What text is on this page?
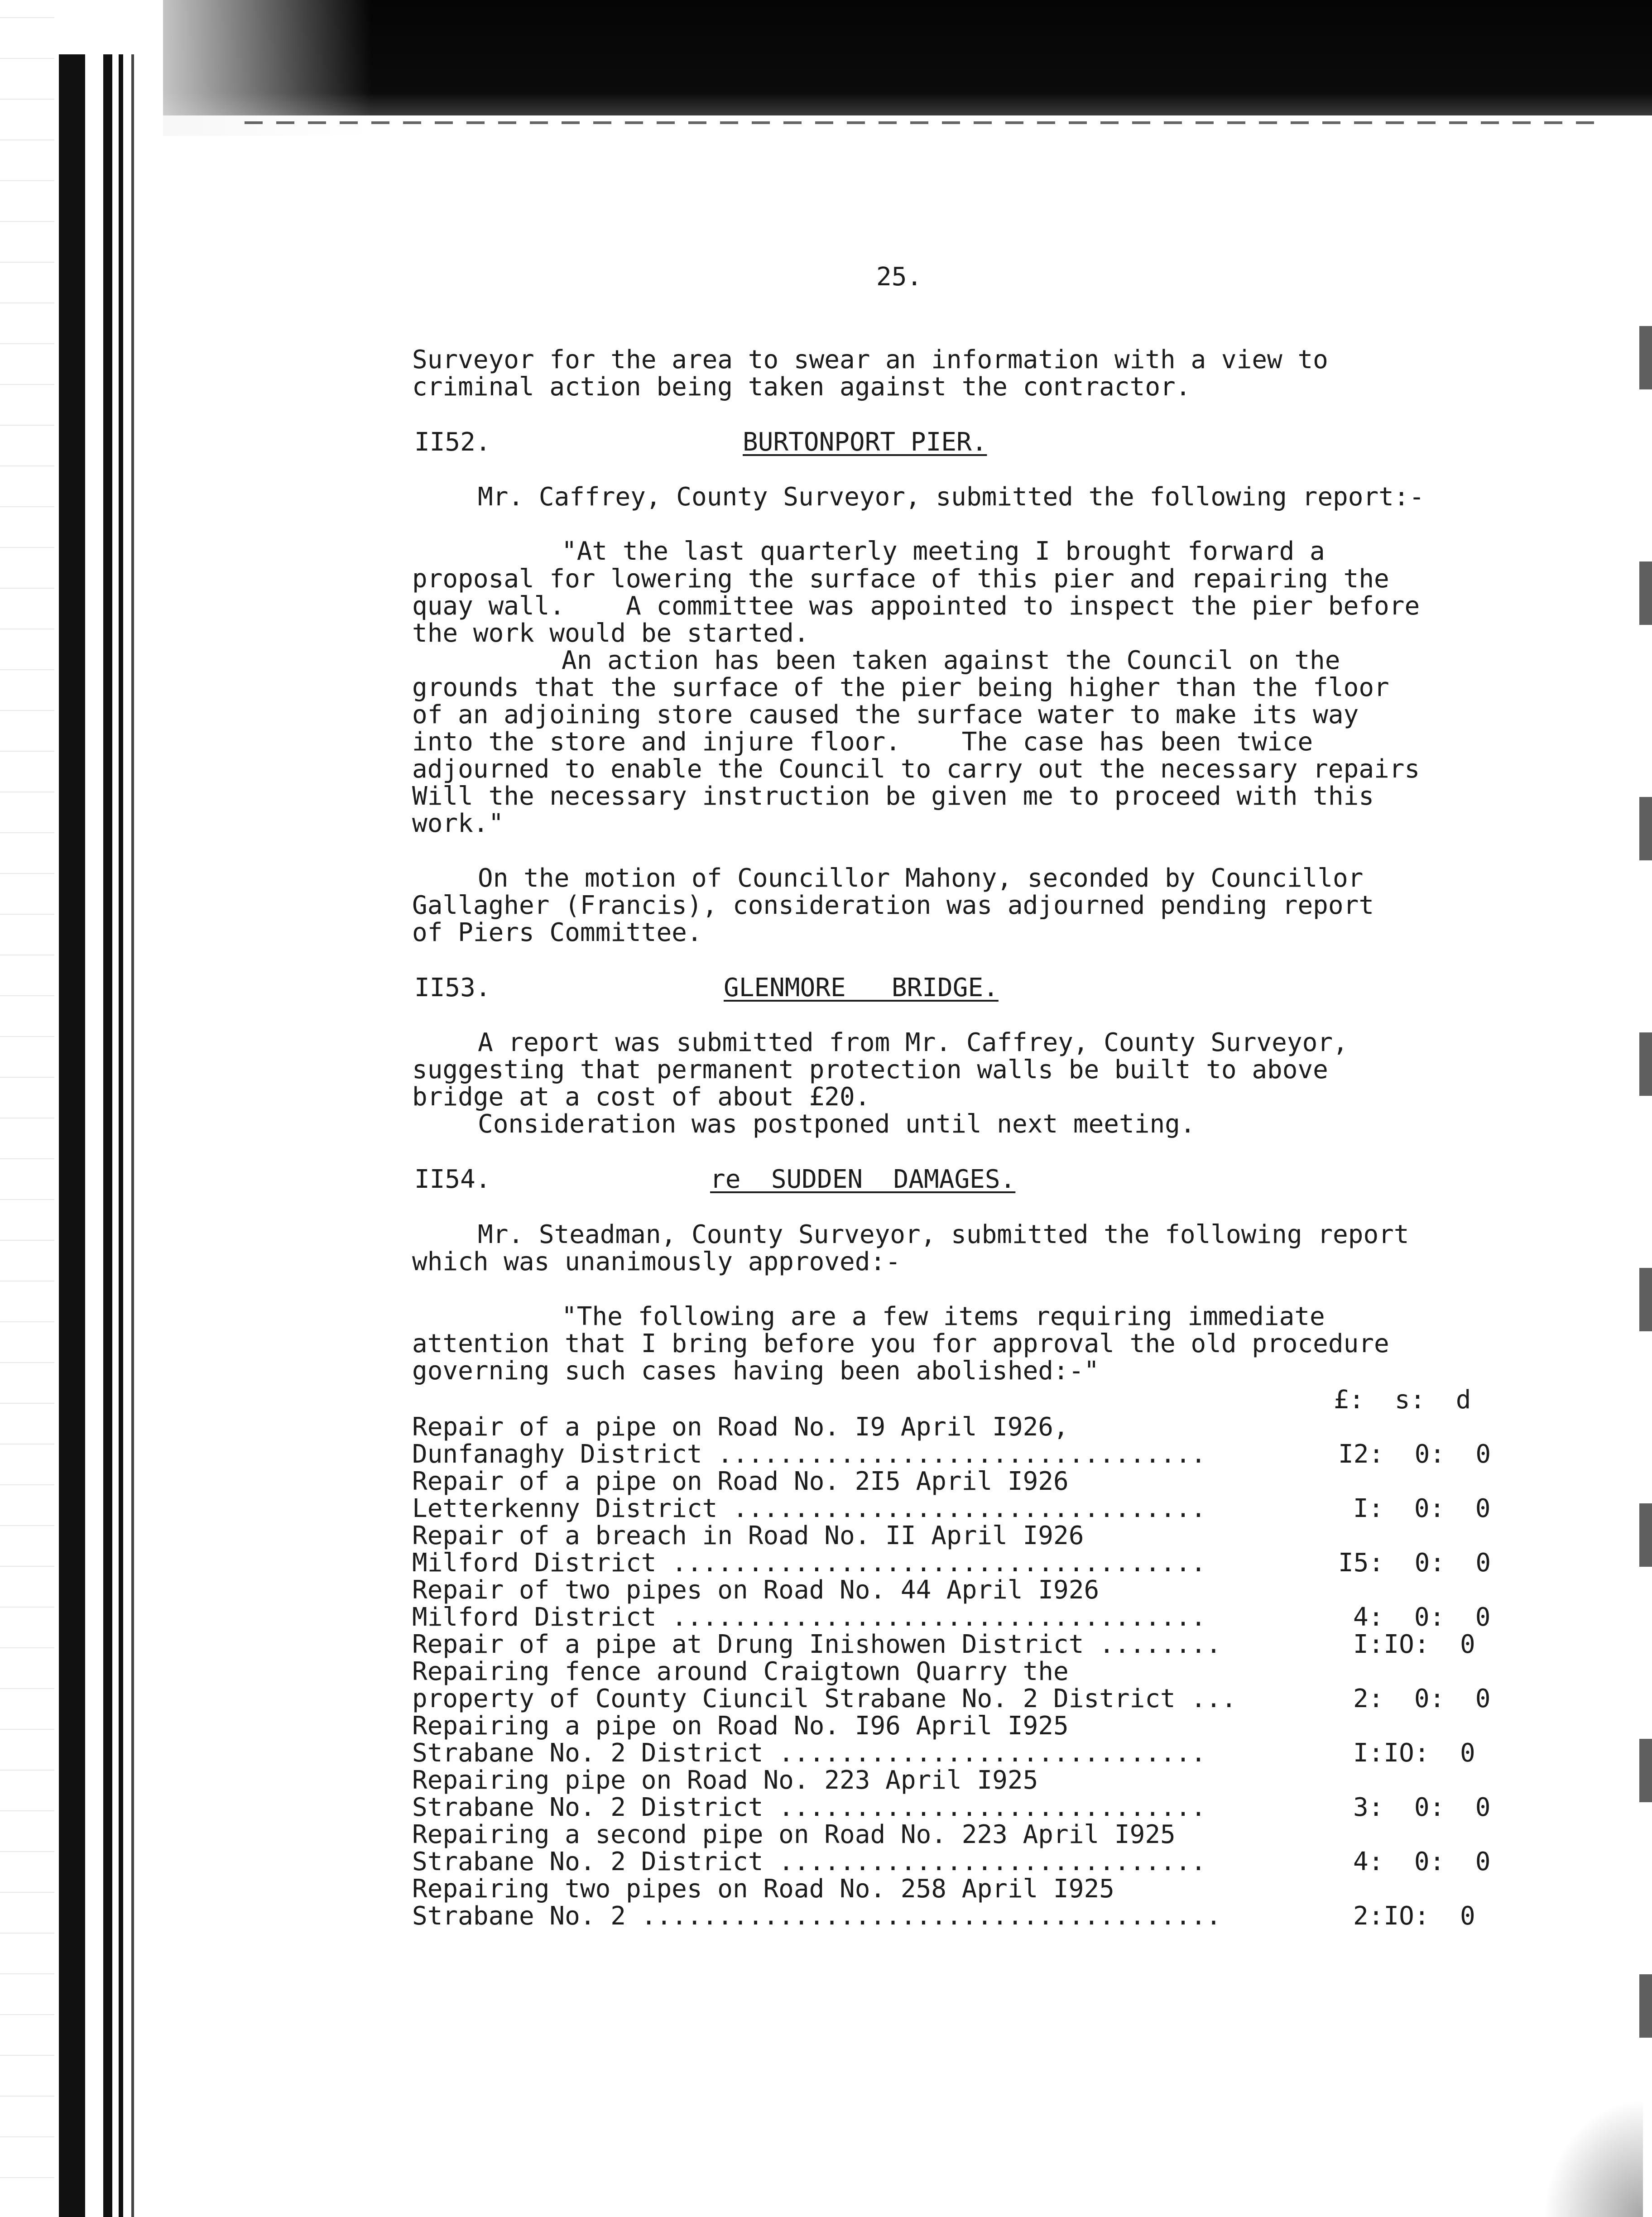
25.
Surveyor for the area to swear an information with a view to
criminal action being taken against the contractor.
II52.	BURTONPORT PIER.
Mr. Caffrey, County Surveyor, submitted the following report:-
"At the last quarterly meeting I brought forward a
proposal for lowering the surface of this pier and repairing the
quay wall.    A committee was appointed to inspect the pier before
the work would be started.
An action has been taken against the Council on the
grounds that the surface of the pier being higher than the floor
of an adjoining store caused the surface water to make its way
into the store and injure floor.    The case has been twice
adjourned to enable the Council to carry out the necessary repairs
Will the necessary instruction be given me to proceed with this
work."
On the motion of Councillor Mahony, seconded by Councillor
Gallagher (Francis), consideration was adjourned pending report
of Piers Committee.
II53.	GLENMORE   BRIDGE.
A report was submitted from Mr. Caffrey, County Surveyor,
suggesting that permanent protection walls be built to above
bridge at a cost of about £20.
Consideration was postponed until next meeting.
II54.	re  SUDDEN  DAMAGES.
Mr. Steadman, County Surveyor, submitted the following report
which was unanimously approved:-
"The following are a few items requiring immediate
attention that I bring before you for approval the old procedure
governing such cases having been abolished:-"
£:  s:  d
Repair of a pipe on Road No. I9 April I926,
Dunfanaghy District ................................	I2:  0:  0
Repair of a pipe on Road No. 2I5 April I926
Letterkenny District ...............................	I:  0:  0
Repair of a breach in Road No. II April I926
Milford District ...................................	I5:  0:  0
Repair of two pipes on Road No. 44 April I926
Milford District ...................................	4:  0:  0
Repair of a pipe at Drung Inishowen District ........	I:IO:  0
Repairing fence around Craigtown Quarry the
property of County Ciuncil Strabane No. 2 District ...	2:  0:  0
Repairing a pipe on Road No. I96 April I925
Strabane No. 2 District ............................	I:IO:  0
Repairing pipe on Road No. 223 April I925
Strabane No. 2 District ............................	3:  0:  0
Repairing a second pipe on Road No. 223 April I925
Strabane No. 2 District ............................	4:  0:  0
Repairing two pipes on Road No. 258 April I925
Strabane No. 2 ......................................	2:IO:  0
